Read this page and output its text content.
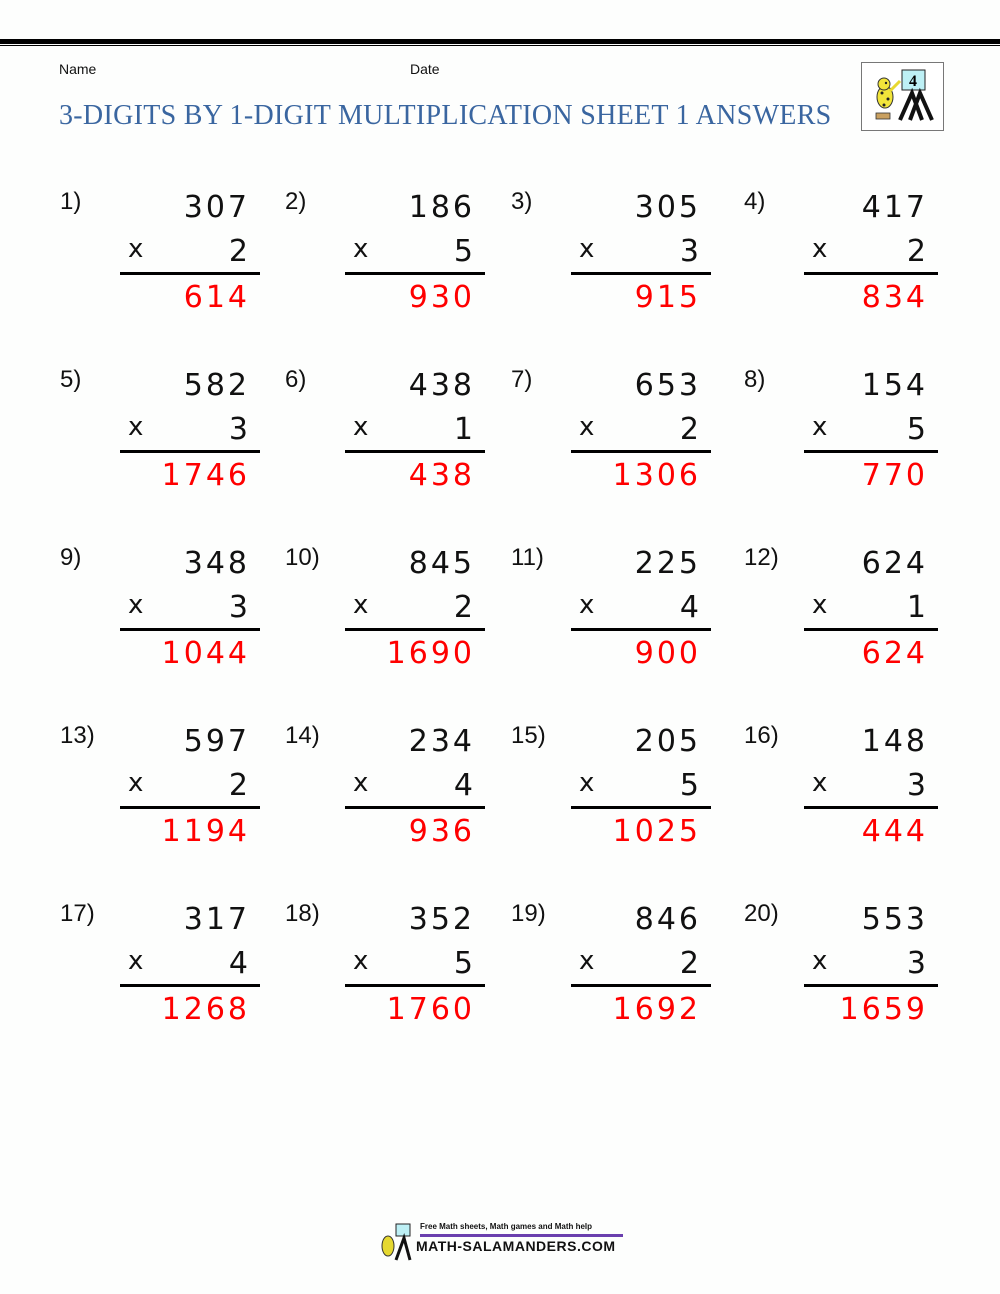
Name	Date
3-DIGITS BY 1-DIGIT MULTIPLICATION SHEET 1 ANSWERS
4
1)	307
x	2
614
2)	186
x	5
930
3)	305
x	3
915
4)	417
x	2
834
5)	582
x	3
1746
6)	438
x	1
438
7)	653
x	2
1306
8)	154
x	5
770
9)	348
x	3
1044
10)	845
x	2
1690
11)	225
x	4
900
12)	624
x	1
624
13)	597
x	2
1194
14)	234
x	4
936
15)	205
x	5
1025
16)	148
x	3
444
17)	317
x	4
1268
18)	352
x	5
1760
19)	846
x	2
1692
20)	553
x	3
1659
Free Math sheets, Math games and Math help
MATH-SALAMANDERS.COM
